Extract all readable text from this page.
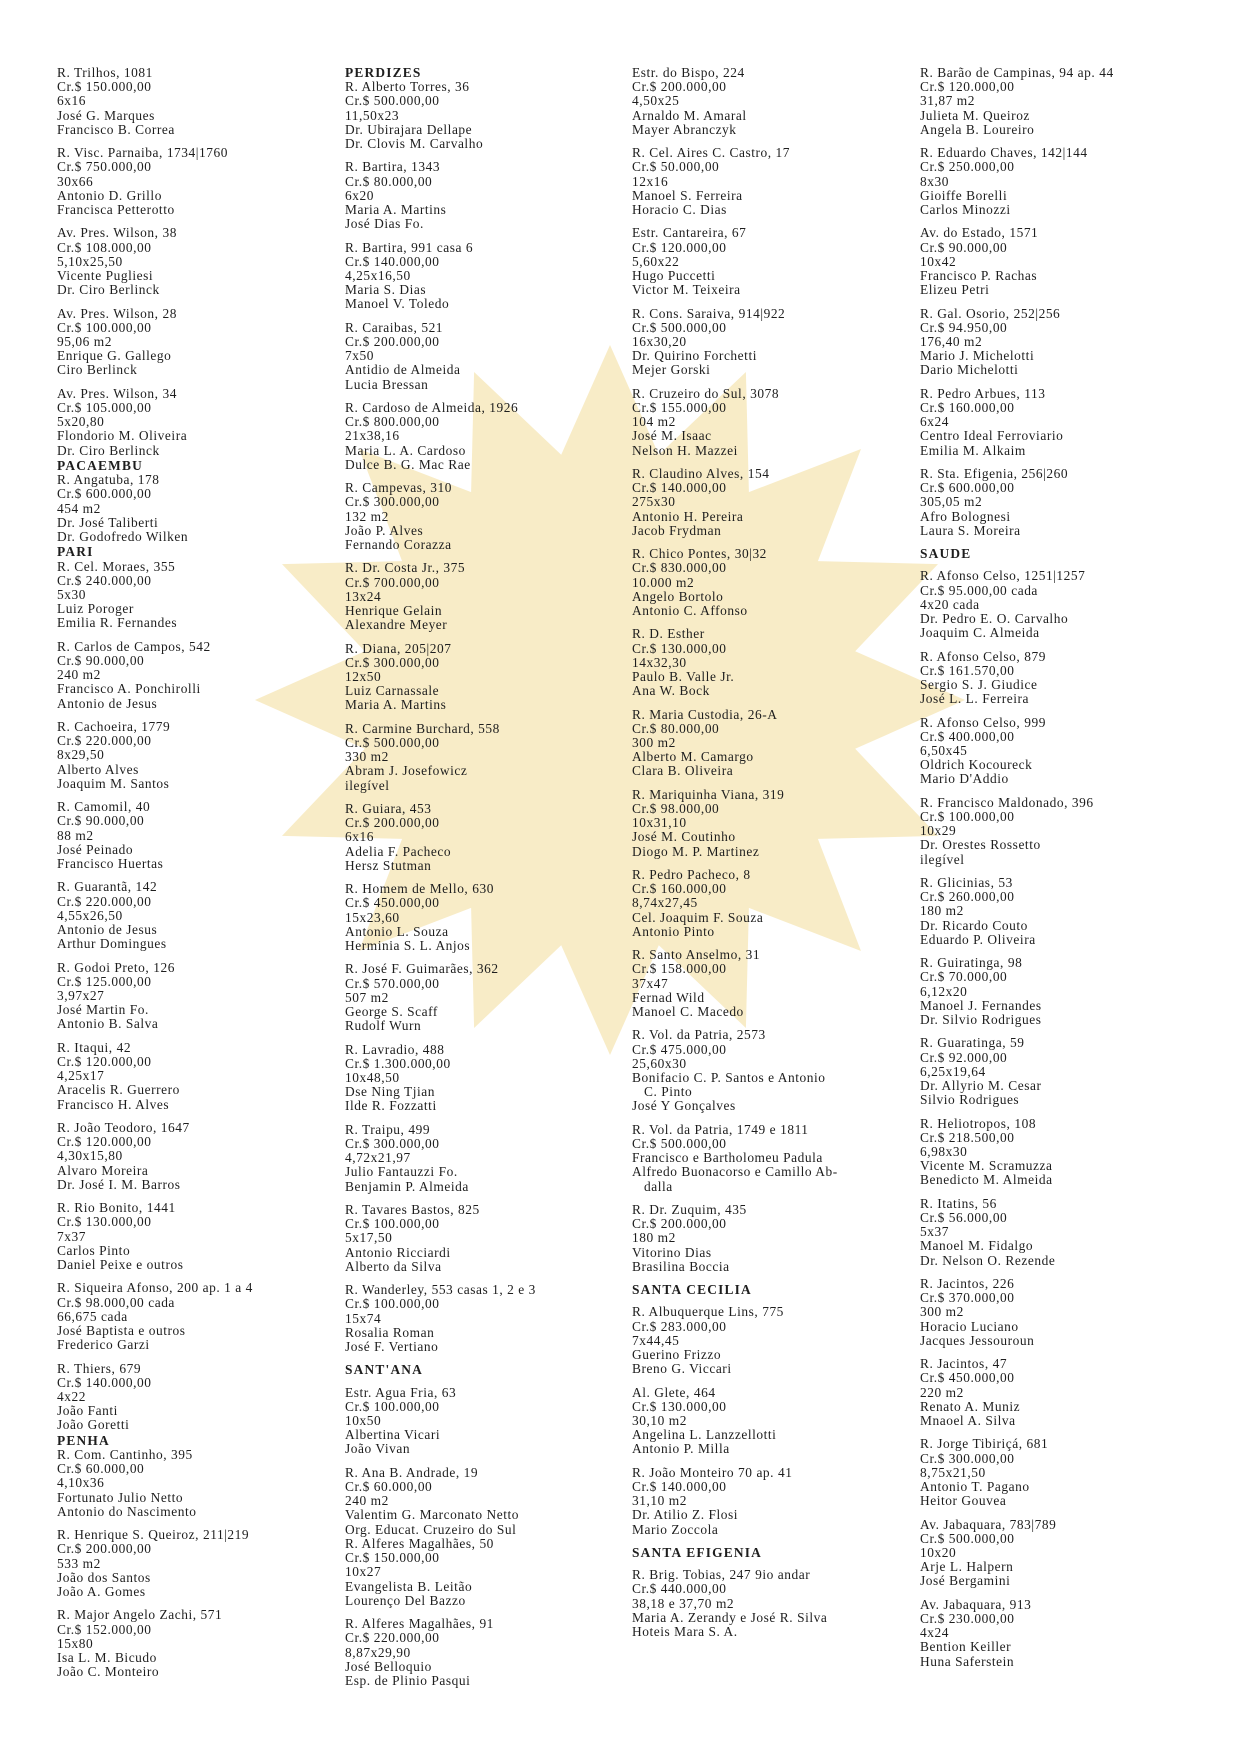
R. Trilhos, 1081
Cr.$ 150.000,00
6x16
José G. Marques
Francisco B. Correa
R. Visc. Parnaiba, 1734|1760
Cr.$ 750.000,00
30x66
Antonio D. Grillo
Francisca Petterotto
Av. Pres. Wilson, 38
Cr.$ 108.000,00
5,10x25,50
Vicente Pugliesi
Dr. Ciro Berlinck
Av. Pres. Wilson, 28
Cr.$ 100.000,00
95,06 m2
Enrique G. Gallego
Ciro Berlinck
Av. Pres. Wilson, 34
Cr.$ 105.000,00
5x20,80
Flondorio M. Oliveira
Dr. Ciro Berlinck
PACAEMBU
R. Angatuba, 178
Cr.$ 600.000,00
454 m2
Dr. José Taliberti
Dr. Godofredo Wilken
PARI
R. Cel. Moraes, 355
Cr.$ 240.000,00
5x30
Luiz Poroger
Emilia R. Fernandes
R. Carlos de Campos, 542
Cr.$ 90.000,00
240 m2
Francisco A. Ponchirolli
Antonio de Jesus
R. Cachoeira, 1779
Cr.$ 220.000,00
8x29,50
Alberto Alves
Joaquim M. Santos
R. Camomil, 40
Cr.$ 90.000,00
88 m2
José Peinado
Francisco Huertas
R. Guarantã, 142
Cr.$ 220.000,00
4,55x26,50
Antonio de Jesus
Arthur Domingues
R. Godoi Preto, 126
Cr.$ 125.000,00
3,97x27
José Martin Fo.
Antonio B. Salva
R. Itaqui, 42
Cr.$ 120.000,00
4,25x17
Aracelis R. Guerrero
Francisco H. Alves
R. João Teodoro, 1647
Cr.$ 120.000,00
4,30x15,80
Alvaro Moreira
Dr. José I. M. Barros
R. Rio Bonito, 1441
Cr.$ 130.000,00
7x37
Carlos Pinto
Daniel Peixe e outros
R. Siqueira Afonso, 200 ap. 1 a 4
Cr.$ 98.000,00 cada
66,675 cada
José Baptista e outros
Frederico Garzi
R. Thiers, 679
Cr.$ 140.000,00
4x22
João Fanti
João Goretti
PENHA
R. Com. Cantinho, 395
Cr.$ 60.000,00
4,10x36
Fortunato Julio Netto
Antonio do Nascimento
R. Henrique S. Queiroz, 211|219
Cr.$ 200.000,00
533 m2
João dos Santos
João A. Gomes
R. Major Angelo Zachi, 571
Cr.$ 152.000,00
15x80
Isa L. M. Bicudo
João C. Monteiro
PERDIZES
R. Alberto Torres, 36
Cr.$ 500.000,00
11,50x23
Dr. Ubirajara Dellape
Dr. Clovis M. Carvalho
R. Bartira, 1343
Cr.$ 80.000,00
6x20
Maria A. Martins
José Dias Fo.
R. Bartira, 991 casa 6
Cr.$ 140.000,00
4,25x16,50
Maria S. Dias
Manoel V. Toledo
R. Caraibas, 521
Cr.$ 200.000,00
7x50
Antidio de Almeida
Lucia Bressan
R. Cardoso de Almeida, 1926
Cr.$ 800.000,00
21x38,16
Maria L. A. Cardoso
Dulce B. G. Mac Rae
R. Campevas, 310
Cr.$ 300.000,00
132 m2
João P. Alves
Fernando Corazza
R. Dr. Costa Jr., 375
Cr.$ 700.000,00
13x24
Henrique Gelain
Alexandre Meyer
R. Diana, 205|207
Cr.$ 300.000,00
12x50
Luiz Carnassale
Maria A. Martins
R. Carmine Burchard, 558
Cr.$ 500.000,00
330 m2
Abram J. Josefowicz
ilegível
R. Guiara, 453
Cr.$ 200.000,00
6x16
Adelia F. Pacheco
Hersz Stutman
R. Homem de Mello, 630
Cr.$ 450.000,00
15x23,60
Antonio L. Souza
Herminia S. L. Anjos
R. José F. Guimarães, 362
Cr.$ 570.000,00
507 m2
George S. Scaff
Rudolf Wurn
R. Lavradio, 488
Cr.$ 1.300.000,00
10x48,50
Dse Ning Tjian
Ilde R. Fozzatti
R. Traipu, 499
Cr.$ 300.000,00
4,72x21,97
Julio Fantauzzi Fo.
Benjamin P. Almeida
R. Tavares Bastos, 825
Cr.$ 100.000,00
5x17,50
Antonio Ricciardi
Alberto da Silva
R. Wanderley, 553 casas 1, 2 e 3
Cr.$ 100.000,00
15x74
Rosalia Roman
José F. Vertiano
SANT'ANA
Estr. Agua Fria, 63
Cr.$ 100.000,00
10x50
Albertina Vicari
João Vivan
R. Ana B. Andrade, 19
Cr.$ 60.000,00
240 m2
Valentim G. Marconato Netto
Org. Educat. Cruzeiro do Sul
R. Alferes Magalhães, 50
Cr.$ 150.000,00
10x27
Evangelista B. Leitão
Lourenço Del Bazzo
R. Alferes Magalhães, 91
Cr.$ 220.000,00
8,87x29,90
José Belloquio
Esp. de Plinio Pasqui
Estr. do Bispo, 224
Cr.$ 200.000,00
4,50x25
Arnaldo M. Amaral
Mayer Abranczyk
R. Cel. Aires C. Castro, 17
Cr.$ 50.000,00
12x16
Manoel S. Ferreira
Horacio C. Dias
Estr. Cantareira, 67
Cr.$ 120.000,00
5,60x22
Hugo Puccetti
Victor M. Teixeira
R. Cons. Saraiva, 914|922
Cr.$ 500.000,00
16x30,20
Dr. Quirino Forchetti
Mejer Gorski
R. Cruzeiro do Sul, 3078
Cr.$ 155.000,00
104 m2
José M. Isaac
Nelson H. Mazzei
R. Claudino Alves, 154
Cr.$ 140.000,00
275x30
Antonio H. Pereira
Jacob Frydman
R. Chico Pontes, 30|32
Cr.$ 830.000,00
10.000 m2
Angelo Bortolo
Antonio C. Affonso
R. D. Esther
Cr.$ 130.000,00
14x32,30
Paulo B. Valle Jr.
Ana W. Bock
R. Maria Custodia, 26-A
Cr.$ 80.000,00
300 m2
Alberto M. Camargo
Clara B. Oliveira
R. Mariquinha Viana, 319
Cr.$ 98.000,00
10x31,10
José M. Coutinho
Diogo M. P. Martinez
R. Pedro Pacheco, 8
Cr.$ 160.000,00
8,74x27,45
Cel. Joaquim F. Souza
Antonio Pinto
R. Santo Anselmo, 31
Cr.$ 158.000,00
37x47
Fernad Wild
Manoel C. Macedo
R. Vol. da Patria, 2573
Cr.$ 475.000,00
25,60x30
Bonifacio C. P. Santos e Antonio
C. Pinto
José Y Gonçalves
R. Vol. da Patria, 1749 e 1811
Cr.$ 500.000,00
Francisco e Bartholomeu Padula
Alfredo Buonacorso e Camillo Ab-
dalla
R. Dr. Zuquim, 435
Cr.$ 200.000,00
180 m2
Vitorino Dias
Brasilina Boccia
SANTA CECILIA
R. Albuquerque Lins, 775
Cr.$ 283.000,00
7x44,45
Guerino Frizzo
Breno G. Viccari
Al. Glete, 464
Cr.$ 130.000,00
30,10 m2
Angelina L. Lanzzellotti
Antonio P. Milla
R. João Monteiro 70 ap. 41
Cr.$ 140.000,00
31,10 m2
Dr. Atilio Z. Flosi
Mario Zoccola
SANTA EFIGENIA
R. Brig. Tobias, 247 9io andar
Cr.$ 440.000,00
38,18 e 37,70 m2
Maria A. Zerandy e José R. Silva
Hoteis Mara S. A.
R. Barão de Campinas, 94 ap. 44
Cr.$ 120.000,00
31,87 m2
Julieta M. Queiroz
Angela B. Loureiro
R. Eduardo Chaves, 142|144
Cr.$ 250.000,00
8x30
Gioiffe Borelli
Carlos Minozzi
Av. do Estado, 1571
Cr.$ 90.000,00
10x42
Francisco P. Rachas
Elizeu Petri
R. Gal. Osorio, 252|256
Cr.$ 94.950,00
176,40 m2
Mario J. Michelotti
Dario Michelotti
R. Pedro Arbues, 113
Cr.$ 160.000,00
6x24
Centro Ideal Ferroviario
Emilia M. Alkaim
R. Sta. Efigenia, 256|260
Cr.$ 600.000,00
305,05 m2
Afro Bolognesi
Laura S. Moreira
SAUDE
R. Afonso Celso, 1251|1257
Cr.$ 95.000,00 cada
4x20 cada
Dr. Pedro E. O. Carvalho
Joaquim C. Almeida
R. Afonso Celso, 879
Cr.$ 161.570,00
Sergio S. J. Giudice
José L. L. Ferreira
R. Afonso Celso, 999
Cr.$ 400.000,00
6,50x45
Oldrich Kocoureck
Mario D'Addio
R. Francisco Maldonado, 396
Cr.$ 100.000,00
10x29
Dr. Orestes Rossetto
ilegível
R. Glicinias, 53
Cr.$ 260.000,00
180 m2
Dr. Ricardo Couto
Eduardo P. Oliveira
R. Guiratinga, 98
Cr.$ 70.000,00
6,12x20
Manoel J. Fernandes
Dr. Silvio Rodrigues
R. Guaratinga, 59
Cr.$ 92.000,00
6,25x19,64
Dr. Allyrio M. Cesar
Silvio Rodrigues
R. Heliotropos, 108
Cr.$ 218.500,00
6,98x30
Vicente M. Scramuzza
Benedicto M. Almeida
R. Itatins, 56
Cr.$ 56.000,00
5x37
Manoel M. Fidalgo
Dr. Nelson O. Rezende
R. Jacintos, 226
Cr.$ 370.000,00
300 m2
Horacio Luciano
Jacques Jessouroun
R. Jacintos, 47
Cr.$ 450.000,00
220 m2
Renato A. Muniz
Mnaoel A. Silva
R. Jorge Tibiriçá, 681
Cr.$ 300.000,00
8,75x21,50
Antonio T. Pagano
Heitor Gouvea
Av. Jabaquara, 783|789
Cr.$ 500.000,00
10x20
Arje L. Halpern
José Bergamini
Av. Jabaquara, 913
Cr.$ 230.000,00
4x24
Bention Keiller
Huna Saferstein
